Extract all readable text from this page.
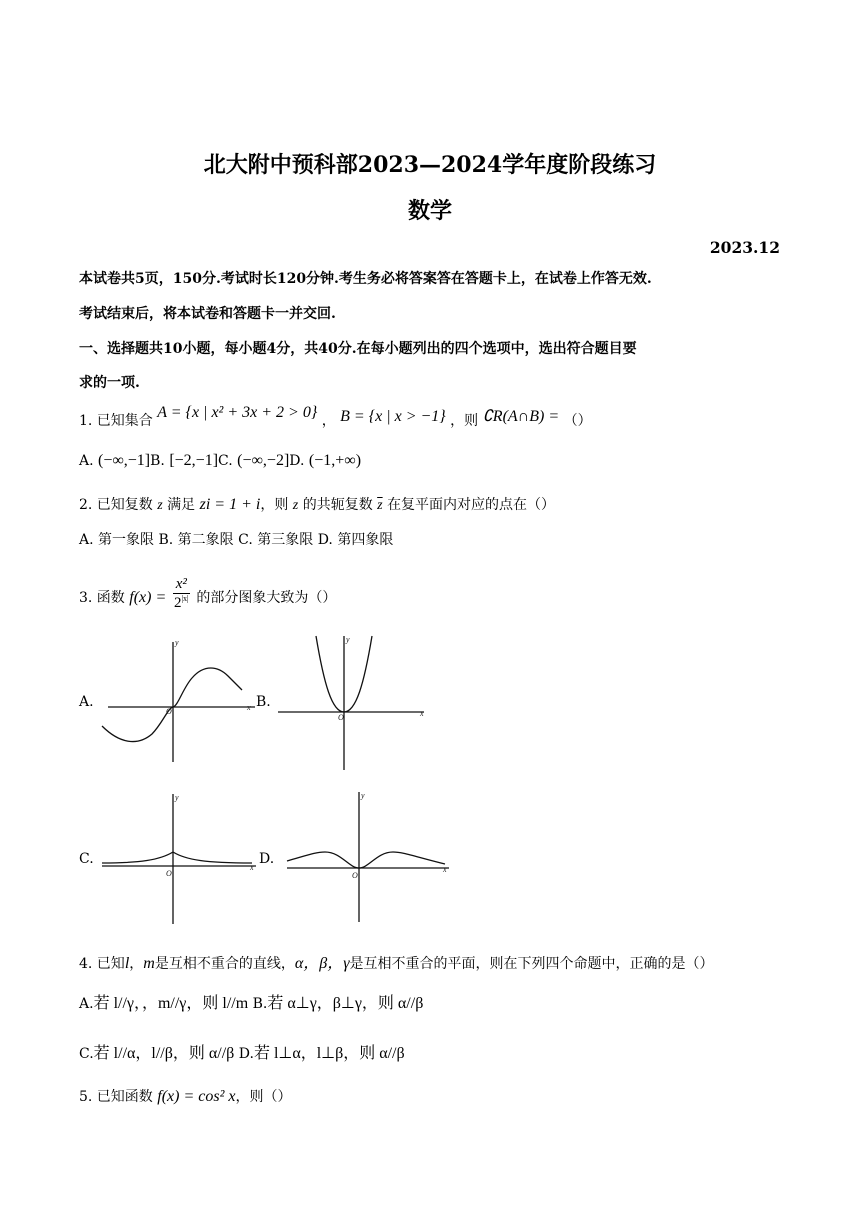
北大附中预科部2023—2024学年度阶段练习
数学
2023.12
本试卷共5页，150分.考试时长120分钟.考生务必将答案答在答题卡上，在试卷上作答无效.
考试结束后，将本试卷和答题卡一并交回.
一、选择题共10小题，每小题4分，共40分.在每小题列出的四个选项中，选出符合题目要
求的一项.
1. 已知集合 A = {x | x² + 3x + 2 > 0} ， B = {x | x > −1} ，则 ∁R(A∩B) = （）
A. (−∞,−1]B. [−2,−1]C. (−∞,−2]D. (−1,+∞)
2. 已知复数 z 满足 zi = 1 + i，则 z 的共轭复数 $\overline{z}$ 在复平面内对应的点在（）
A. 第一象限 B. 第二象限 C. 第三象限 D. 第四象限
3. 函数 $f(x) = \frac{\text{x²}}{2^{|x|}}$ 的部分图象大致为（）
A.	B.
C.	D.
y
x
O
y
x
O
y
x
O
y
x
O
4. 已知l，m是互相不重合的直线，α，β，γ是互相不重合的平面，则在下列四个命题中，正确的是（）
A.若 l//γ，，m//γ，则 l//m B.若 α⊥γ，β⊥γ，则 α//β
C.若 l//α，l//β，则 α//β D.若 l⊥α，l⊥β，则 α//β
5. 已知函数 f(x) = cos² x，则（）
